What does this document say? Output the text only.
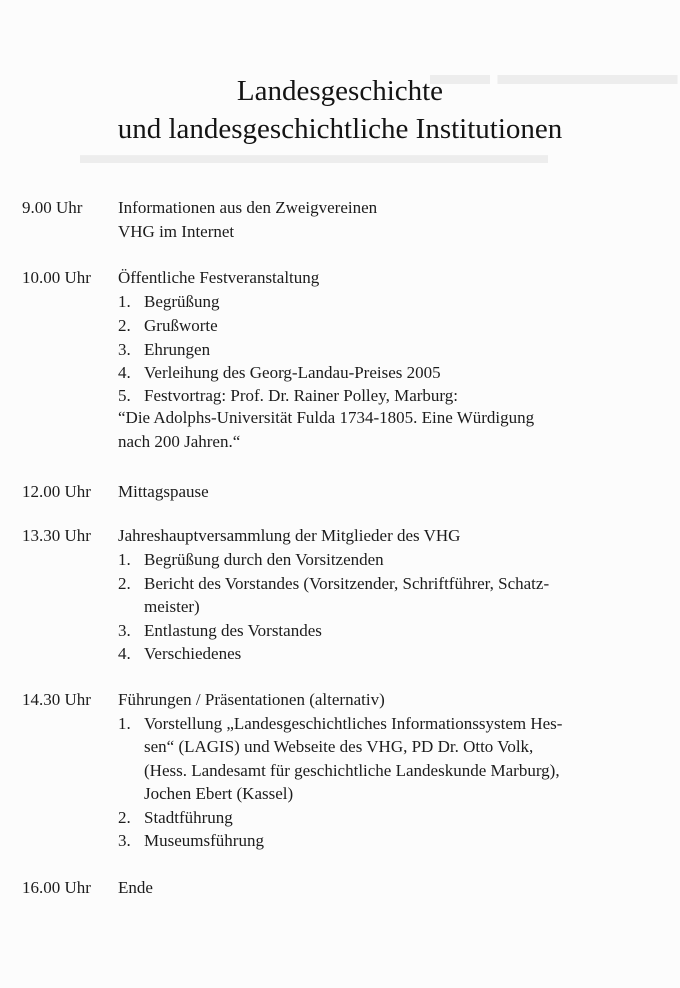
▬▬ ▬▬▬▬▬▬
▬▬▬▬▬▬▬▬▬▬▬▬▬▬▬▬▬▬
Landesgeschichte
und landesgeschichtliche Institutionen
9.00 Uhr Informationen aus den Zweigvereinen
VHG im Internet
10.00 Uhr Öffentliche Festveranstaltung
1. Begrüßung
2. Grußworte
3. Ehrungen
4. Verleihung des Georg-Landau-Preises 2005
5. Festvortrag: Prof. Dr. Rainer Polley, Marburg:
“Die Adolphs-Universität Fulda 1734-1805. Eine Würdigung
nach 200 Jahren.“
12.00 Uhr Mittagspause
13.30 Uhr Jahreshauptversammlung der Mitglieder des VHG
1. Begrüßung durch den Vorsitzenden
2. Bericht des Vorstandes (Vorsitzender, Schriftführer, Schatz-
meister)
3. Entlastung des Vorstandes
4. Verschiedenes
14.30 Uhr Führungen / Präsentationen (alternativ)
1. Vorstellung „Landesgeschichtliches Informationssystem Hes-
sen“ (LAGIS) und Webseite des VHG, PD Dr. Otto Volk,
(Hess. Landesamt für geschichtliche Landeskunde Marburg),
Jochen Ebert (Kassel)
2. Stadtführung
3. Museumsführung
16.00 Uhr Ende
